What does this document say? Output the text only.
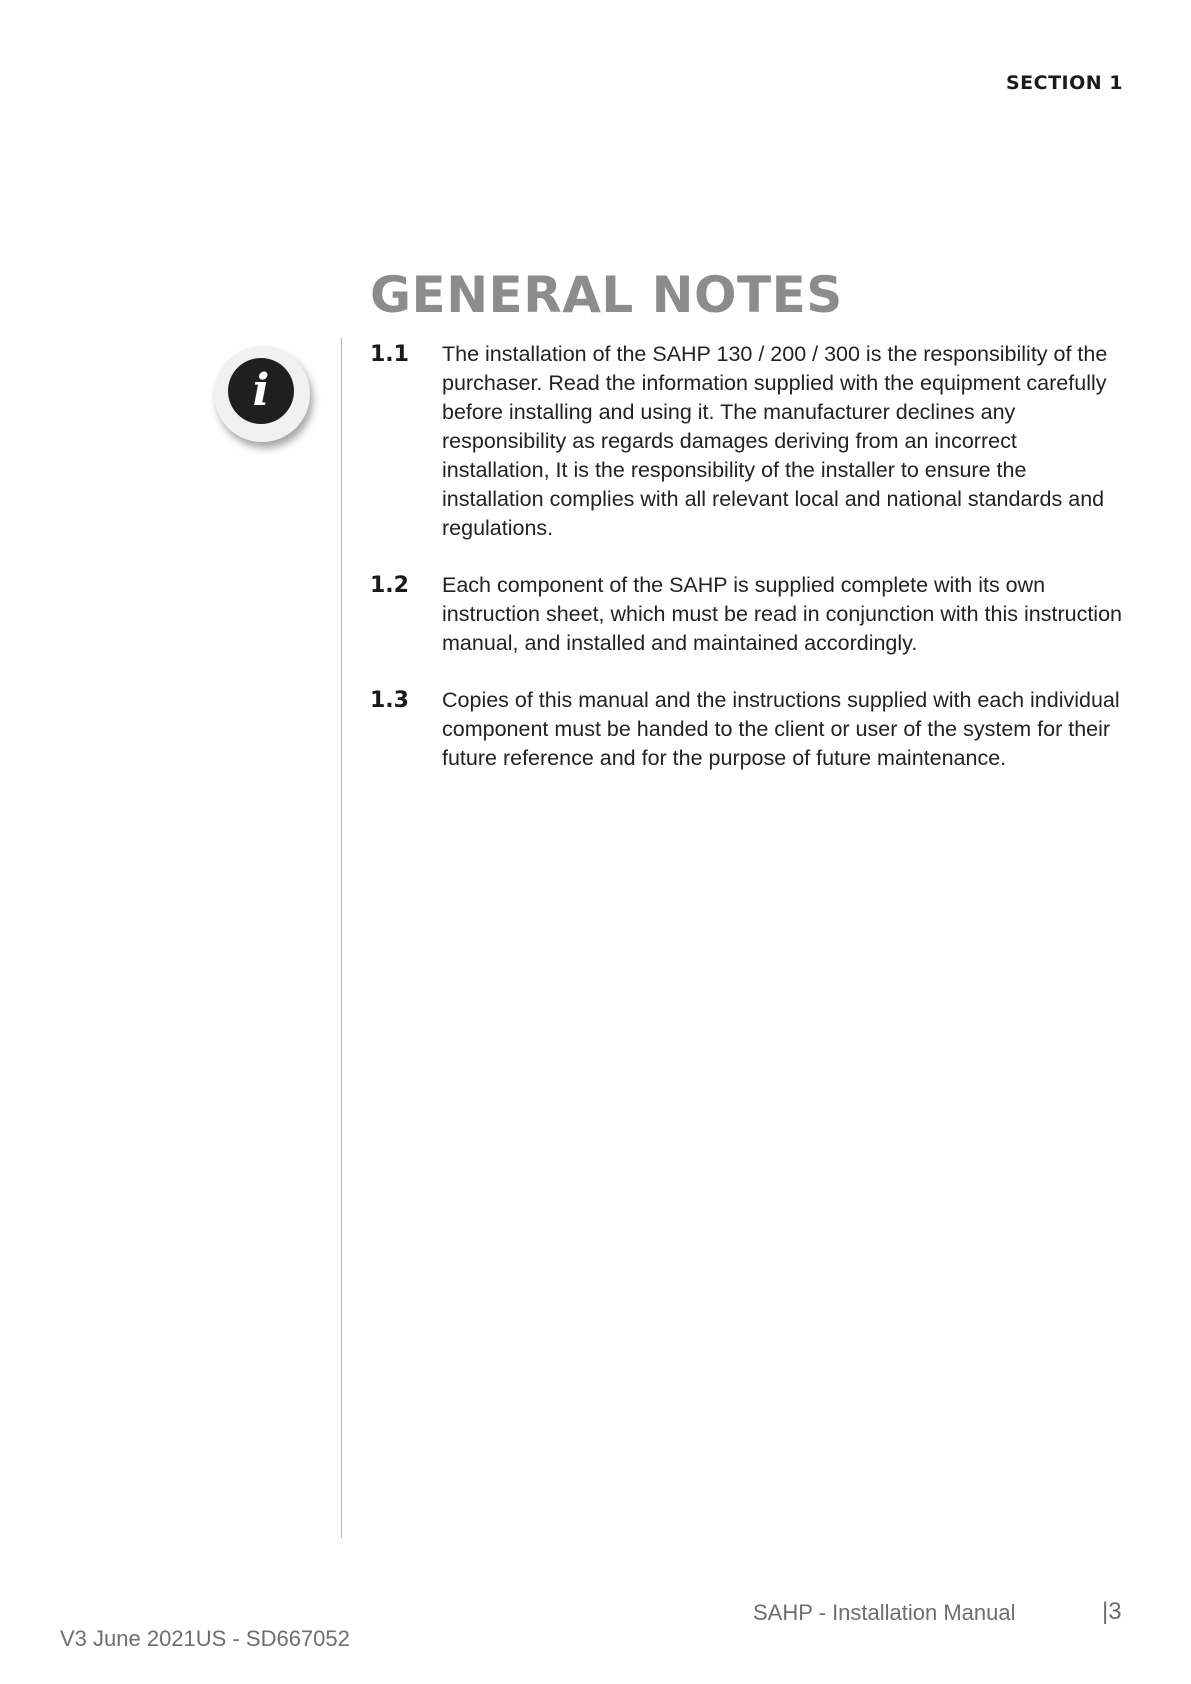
SECTION 1
GENERAL NOTES
i
1.1	The installation of the SAHP 130 / 200 / 300 is the responsibility of the purchaser. Read the information supplied with the equipment carefully before installing and using it. The manufacturer declines any responsibility as regards damages deriving from an incorrect installation, It is the responsibility of the installer to ensure the installation complies with all relevant local and national standards and regulations.

1.2	Each component of the SAHP is supplied complete with its own instruction sheet, which must be read in conjunction with this instruction manual, and installed and maintained accordingly.

1.3	Copies of this manual and the instructions supplied with each individual component must be handed to the client or user of the system for their future reference and for the purpose of future maintenance.

SAHP - Installation Manual	|3
V3 June 2021US - SD667052
